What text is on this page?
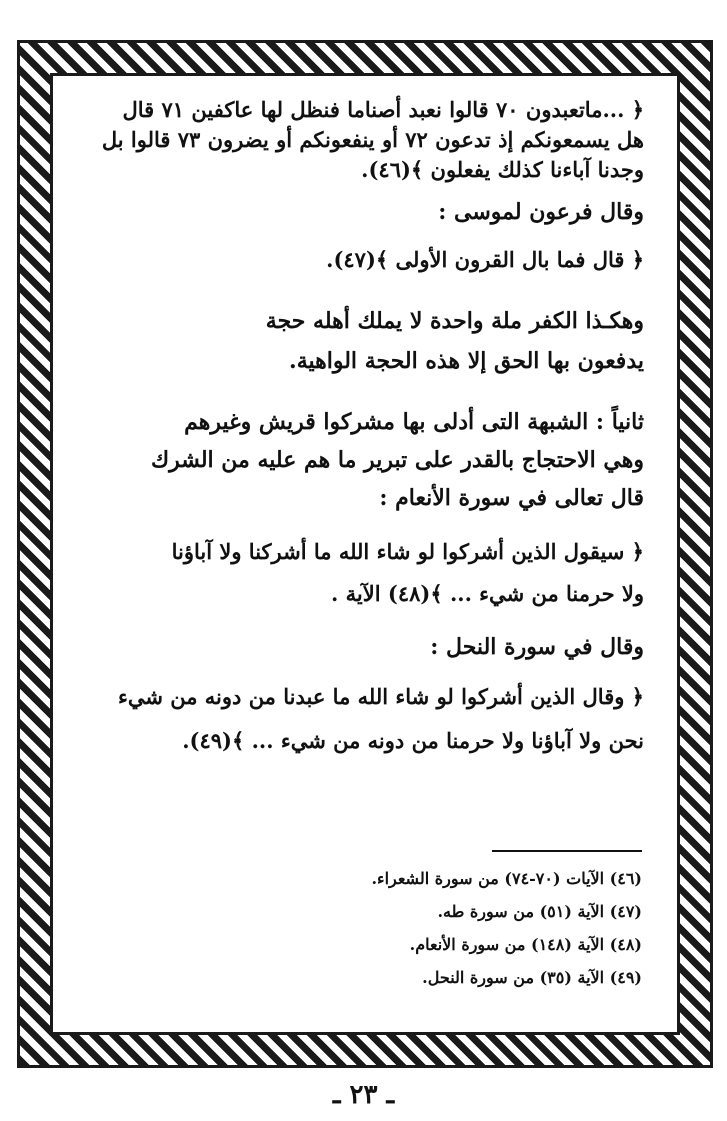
﴿ ...ماتعبدون ٧٠ قالوا نعبد أصناما فنظل لها عاكفين ٧١ قال

هل يسمعونكم إذ تدعون ٧٢ أو ينفعونكم أو يضرون ٧٣ قالوا بل

وجدنا آباءنا كذلك يفعلون ﴾(٤٦).

وقال فرعون لموسى :

﴿ قال فما بال القرون الأولى ﴾(٤٧).

وهكـذا الكفر ملة واحدة لا يملك أهله حجة

يدفعون بها الحق إلا هذه الحجة الواهية.

ثانياً : الشبهة التى أدلى بها مشركوا قريش وغيرهم

وهي الاحتجاج بالقدر على تبرير ما هم عليه من الشرك

قال تعالى في سورة الأنعام :

﴿ سيقول الذين أشركوا لو شاء الله ما أشركنا ولا آباؤنا

ولا حرمنا من شيء ... ﴾(٤٨) الآية .

وقال في سورة النحل :

﴿ وقال الذين أشركوا لو شاء الله ما عبدنا من دونه من شيء

نحن ولا آباؤنا ولا حرمنا من دونه من شيء ... ﴾(٤٩).

(٤٦) الآيات (٧٠-٧٤) من سورة الشعراء.

(٤٧) الآية (٥١) من سورة طه.

(٤٨) الآية (١٤٨) من سورة الأنعام.

(٤٩) الآية (٣٥) من سورة النحل.

ـ ٢٣ ـ
